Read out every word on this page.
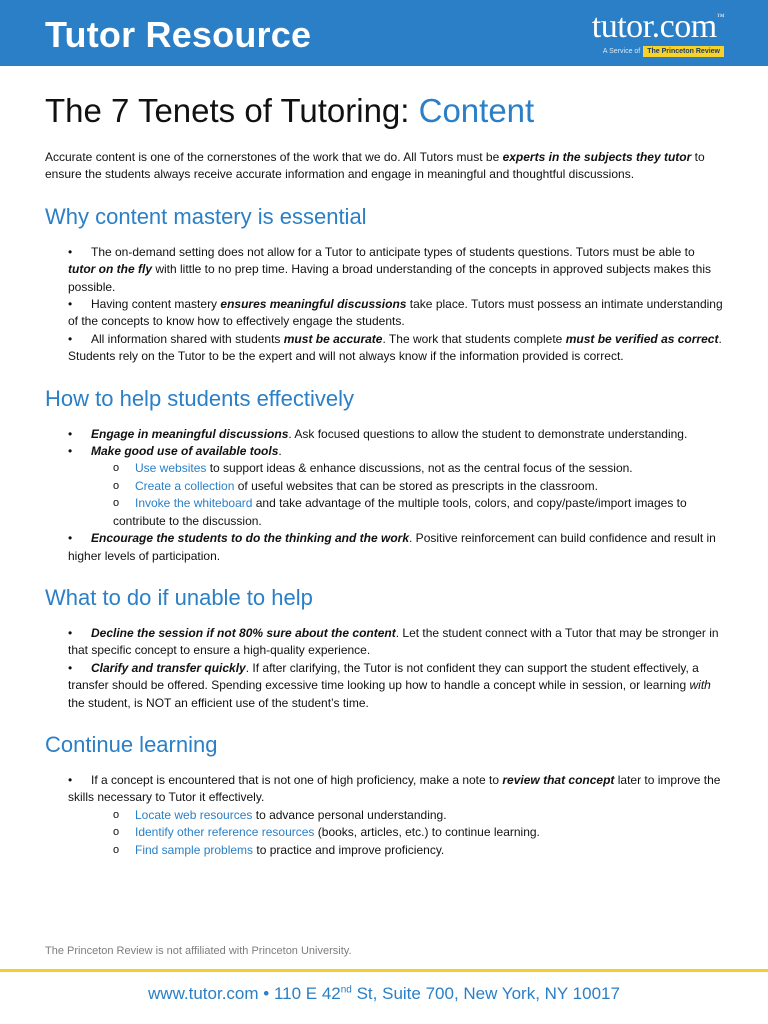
Tutor Resource	tutor.com™
A Service of	The Princeton Review
The 7 Tenets of Tutoring: Content

Accurate content is one of the cornerstones of the work that we do. All Tutors must be experts in the subjects they tutor to ensure the students always receive accurate information and engage in meaningful and thoughtful discussions.

Why content mastery is essential

•	The on-demand setting does not allow for a Tutor to anticipate types of students questions. Tutors must be able to tutor on the fly with little to no prep time. Having a broad understanding of the concepts in approved subjects makes this possible.

•	Having content mastery ensures meaningful discussions take place. Tutors must possess an intimate understanding of the concepts to know how to effectively engage the students.

•	All information shared with students must be accurate. The work that students complete must be verified as correct. Students rely on the Tutor to be the expert and will not always know if the information provided is correct.

How to help students effectively

•	Engage in meaningful discussions. Ask focused questions to allow the student to demonstrate understanding.

•	Make good use of available tools.

o Use websites to support ideas & enhance discussions, not as the central focus of the session.

o Create a collection of useful websites that can be stored as prescripts in the classroom.

o Invoke the whiteboard and take advantage of the multiple tools, colors, and copy/paste/import images to contribute to the discussion.

•	Encourage the students to do the thinking and the work. Positive reinforcement can build confidence and result in higher levels of participation.

What to do if unable to help

•	Decline the session if not 80% sure about the content. Let the student connect with a Tutor that may be stronger in that specific concept to ensure a high-quality experience.

•	Clarify and transfer quickly. If after clarifying, the Tutor is not confident they can support the student effectively, a transfer should be offered. Spending excessive time looking up how to handle a concept while in session, or learning with the student, is NOT an efficient use of the student’s time.

Continue learning

•	If a concept is encountered that is not one of high proficiency, make a note to review that concept later to improve the skills necessary to Tutor it effectively.

o Locate web resources to advance personal understanding.

o Identify other reference resources (books, articles, etc.) to continue learning.

o Find sample problems to practice and improve proficiency.

The Princeton Review is not affiliated with Princeton University.
www.tutor.com • 110 E 42nd St, Suite 700, New York, NY 10017
